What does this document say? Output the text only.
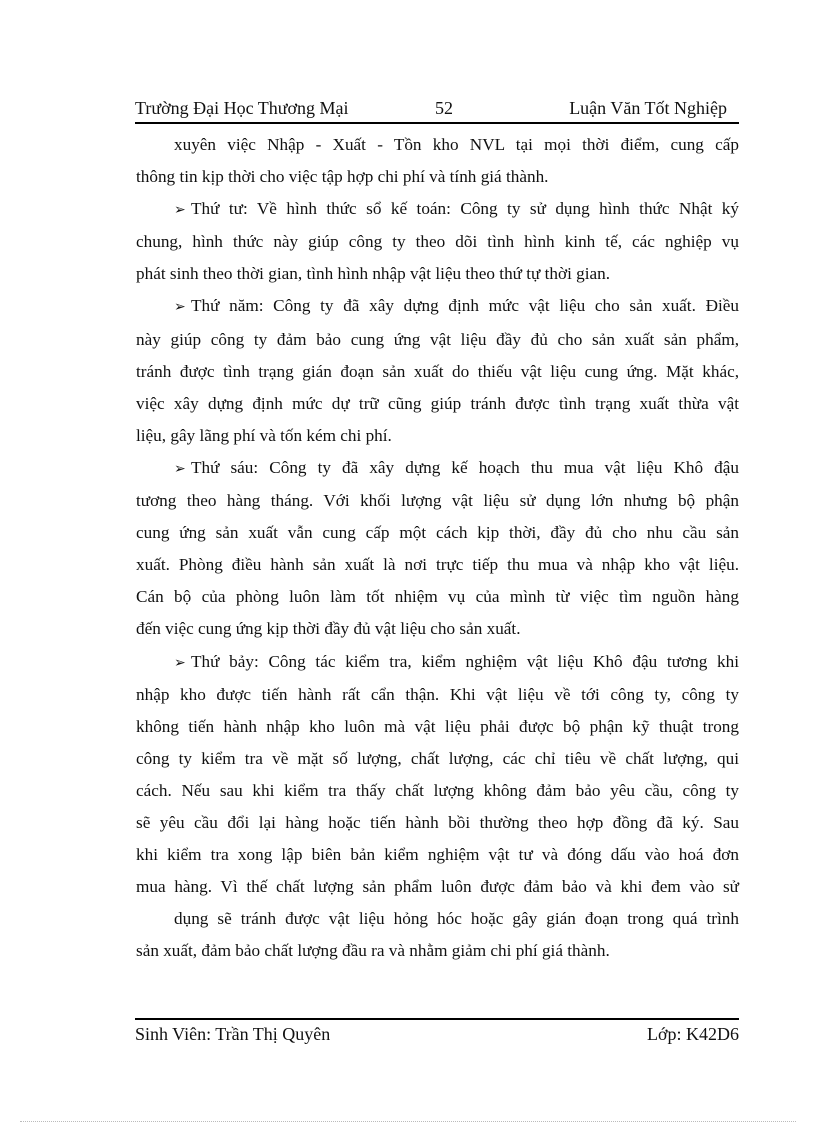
Trường Đại Học Thương Mại	52	Luận Văn Tốt Nghiệp

xuyên việc Nhập - Xuất - Tồn kho NVL tại mọi thời điểm, cung cấp

thông tin kịp thời cho việc tập hợp chi phí và tính giá thành.

➢ Thứ tư: Về hình thức sổ kế toán: Công ty sử dụng hình thức Nhật ký

chung, hình thức này giúp công ty theo dõi tình hình kinh tế, các nghiệp vụ

phát sinh theo thời gian, tình hình nhập vật liệu theo thứ tự thời gian.

➢ Thứ năm: Công ty đã xây dựng định mức vật liệu cho sản xuất. Điều

này giúp công ty đảm bảo cung ứng vật liệu đầy đủ cho sản xuất sản phẩm,

tránh được tình trạng gián đoạn sản xuất do thiếu vật liệu cung ứng. Mặt khác,

việc xây dựng định mức dự trữ cũng giúp tránh được tình trạng xuất thừa vật

liệu, gây lãng phí và tốn kém chi phí.

➢ Thứ sáu: Công ty đã xây dựng kế hoạch thu mua vật liệu Khô đậu

tương theo hàng tháng. Với khối lượng vật liệu sử dụng lớn nhưng bộ phận

cung ứng sản xuất vẫn cung cấp một cách kịp thời, đầy đủ cho nhu cầu sản

xuất. Phòng điều hành sản xuất là nơi trực tiếp thu mua và nhập kho vật liệu.

Cán bộ của phòng luôn làm tốt nhiệm vụ của mình từ việc tìm nguồn hàng

đến việc cung ứng kịp thời đầy đủ vật liệu cho sản xuất.

➢ Thứ bảy: Công tác kiểm tra, kiểm nghiệm vật liệu Khô đậu tương khi

nhập kho được tiến hành rất cẩn thận. Khi vật liệu về tới công ty, công ty

không tiến hành nhập kho luôn mà vật liệu phải được bộ phận kỹ thuật trong

công ty kiểm tra về mặt số lượng, chất lượng, các chỉ tiêu về chất lượng, qui

cách. Nếu sau khi kiểm tra thấy chất lượng không đảm bảo yêu cầu, công ty

sẽ yêu cầu đổi lại hàng hoặc tiến hành bồi thường theo hợp đồng đã ký. Sau

khi kiểm tra xong lập biên bản kiểm nghiệm vật tư và đóng dấu vào hoá đơn

mua hàng. Vì thế chất lượng sản phẩm luôn được đảm bảo và khi đem vào sử

dụng sẽ tránh được vật liệu hỏng hóc hoặc gây gián đoạn trong quá trình

sản xuất, đảm bảo chất lượng đầu ra và nhằm giảm chi phí giá thành.

Sinh Viên: Trần Thị Quyên	Lớp: K42D6
